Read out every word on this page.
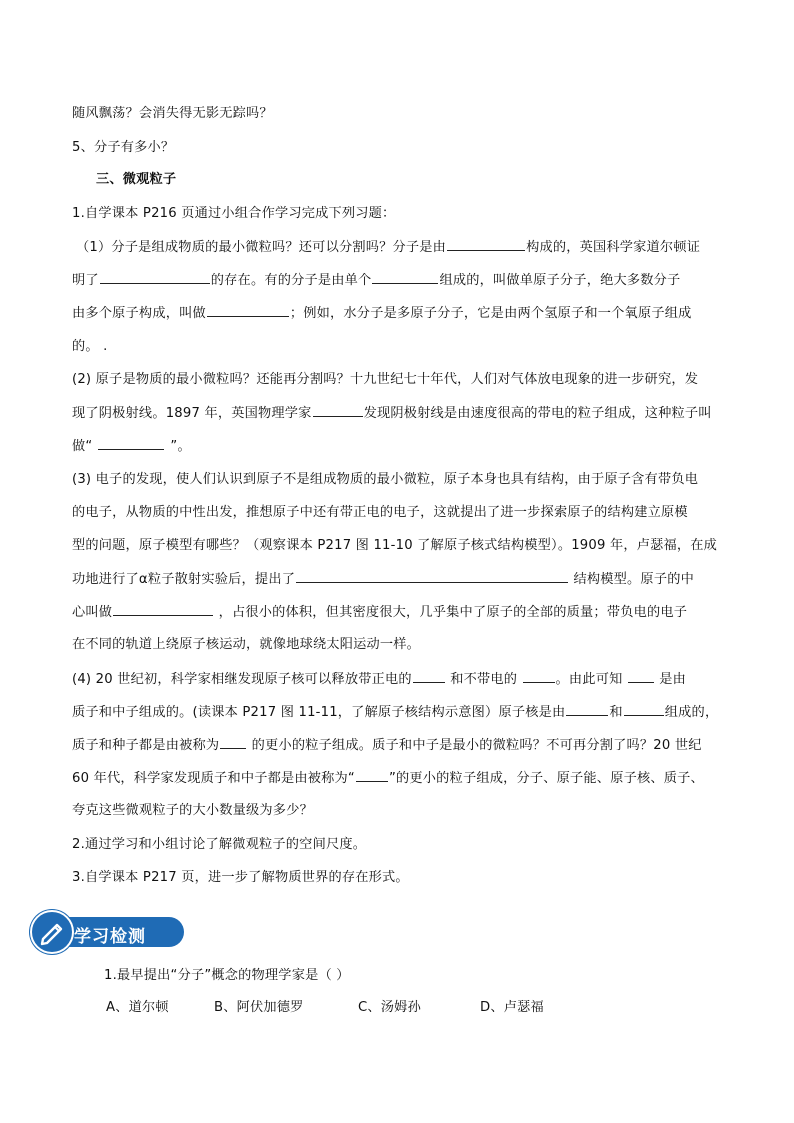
随风飘荡？会消失得无影无踪吗？
5、分子有多小？
三、微观粒子
1.自学课本 P216 页通过小组合作学习完成下列习题：
（1）分子是组成物质的最小微粒吗？还可以分割吗？分子是由	构成的，英国科学家道尔顿证
明了	的存在。有的分子是由单个	组成的，叫做单原子分子，绝大多数分子
由多个原子构成，叫做	；例如，水分子是多原子分子，它是由两个氢原子和一个氧原子组成
的。 .
(2) 原子是物质的最小微粒吗？还能再分割吗？十九世纪七十年代，人们对气体放电现象的进一步研究，发
现了阴极射线。1897 年，英国物理学家	发现阴极射线是由速度很高的带电的粒子组成，这种粒子叫
做“	”。
(3) 电子的发现，使人们认识到原子不是组成物质的最小微粒，原子本身也具有结构，由于原子含有带负电
的电子，从物质的中性出发，推想原子中还有带正电的电子，这就提出了进一步探索原子的结构建立原模
型的问题，原子模型有哪些？（观察课本 P217 图 11-10 了解原子核式结构模型）。1909 年，卢瑟福，在成
功地进行了α粒子散射实验后，提出了	结构模型。原子的中
心叫做	，占很小的体积，但其密度很大，几乎集中了原子的全部的质量；带负电的电子
在不同的轨道上绕原子核运动，就像地球绕太阳运动一样。
(4) 20 世纪初，科学家相继发现原子核可以释放带正电的	和不带电的	。由此可知	是由
质子和中子组成的。(读课本 P217 图 11-11，了解原子核结构示意图）原子核是由	和	组成的，
质子和种子都是由被称为 的更小的粒子组成。质子和中子是最小的微粒吗？不可再分割了吗？20 世纪
60 年代，科学家发现质子和中子都是由被称为“	”的更小的粒子组成，分子、原子能、原子核、质子、
夸克这些微观粒子的大小数量级为多少？
2.通过学习和小组讨论了解微观粒子的空间尺度。
3.自学课本 P217 页，进一步了解物质世界的存在形式。
学习检测
1.最早提出“分子”概念的物理学家是（ ）
A、道尔顿	B、阿伏加德罗	C、汤姆孙	D、卢瑟福
